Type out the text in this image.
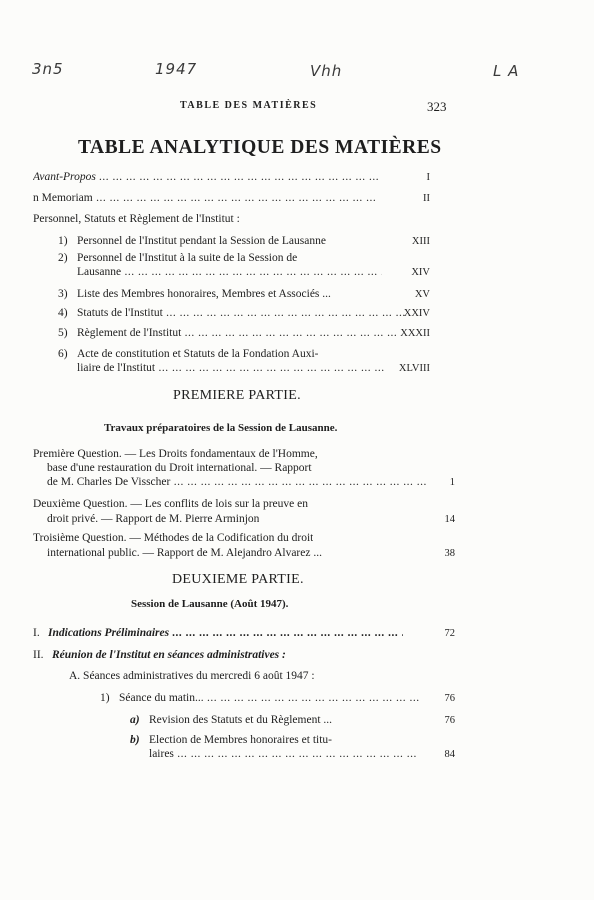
3n5	1947	Vhh	L A
TABLE DES MATIÈRES	323
TABLE ANALYTIQUE DES MATIÈRES
Avant-Propos ... .	I
n Memoriam ... .	II
Personnel, Statuts et Règlement de l'Institut :
1) Personnel de l'Institut pendant la Session de Lausanne	XIII
2) Personnel de l'Institut à la suite de la Session de
Lausanne ... .	XIV
3) Liste des Membres honoraires, Membres et Associés ...	XV
4) Statuts de l'Institut ... .	XXIV
5) Règlement de l'Institut ... .	XXXII
6) Acte de constitution et Statuts de la Fondation Auxi-
liaire de l'Institut ... .	XLVIII
PREMIERE PARTIE.
Travaux préparatoires de la Session de Lausanne.
Première Question. — Les Droits fondamentaux de l'Homme,
base d'une restauration du Droit international. — Rapport
de M. Charles De Visscher ... .	1
Deuxième Question. — Les conflits de lois sur la preuve en
droit privé. — Rapport de M. Pierre Arminjon	14
Troisième Question. — Méthodes de la Codification du droit
international public. — Rapport de M. Alejandro Alvarez ...	38
DEUXIEME PARTIE.
Session de Lausanne (Août 1947).
I. Indications Préliminaires ... .	72
II. Réunion de l'Institut en séances administratives :
A. Séances administratives du mercredi 6 août 1947 :
1) Séance du matin... ... .	76
a) Revision des Statuts et du Règlement ...	76
b) Election de Membres honoraires et titu-
laires ... .	84
